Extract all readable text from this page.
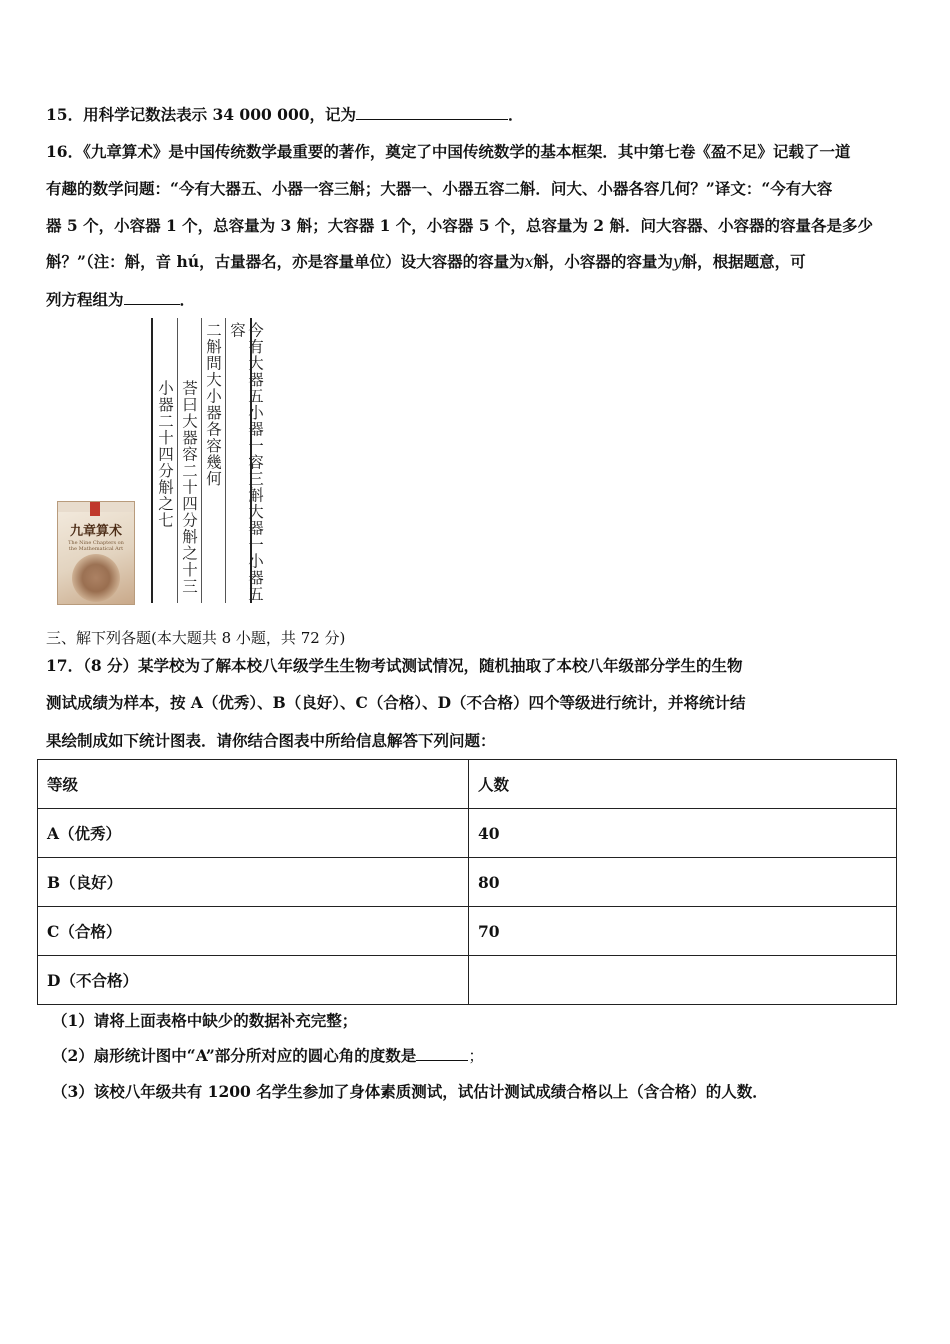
15．用科学记数法表示 34 000 000，记为	．
16．《九章算术》是中国传统数学最重要的著作，奠定了中国传统数学的基本框架．其中第七卷《盈不足》记载了一道
有趣的数学问题：“今有大器五、小器一容三斛；大器一、小器五容二斛．问大、小器各容几何？”译文：“今有大容
器 5 个，小容器 1 个，总容量为 3 斛；大容器 1 个，小容器 5 个，总容量为 2 斛．问大容器、小容器的容量各是多少
斛？”（注：斛，音 hú，古量器名，亦是容量单位）设大容器的容量为x斛，小容器的容量为y斛，根据题意，可
列方程组为	．
九章算术
The Nine Chapters on the Mathematical Art	今有大器五小器一容三斛大器一小器五容
二斛問大小器各容幾何
荅曰大器容二十四分斛之十三
小器二十四分斛之七
三、解下列各题(本大题共 8 小题，共 72 分)
17．（8 分）某学校为了解本校八年级学生生物考试测试情况，随机抽取了本校八年级部分学生的生物
测试成绩为样本，按 A（优秀）、B（良好）、C（合格）、D（不合格）四个等级进行统计，并将统计结
果绘制成如下统计图表．请你结合图表中所给信息解答下列问题：
等级	人数
A（优秀）	40
B（良好）	80
C（合格）	70
D（不合格）	
（1）请将上面表格中缺少的数据补充完整；
（2）扇形统计图中“A”部分所对应的圆心角的度数是	；
（3）该校八年级共有 1200 名学生参加了身体素质测试，试估计测试成绩合格以上（含合格）的人数．
